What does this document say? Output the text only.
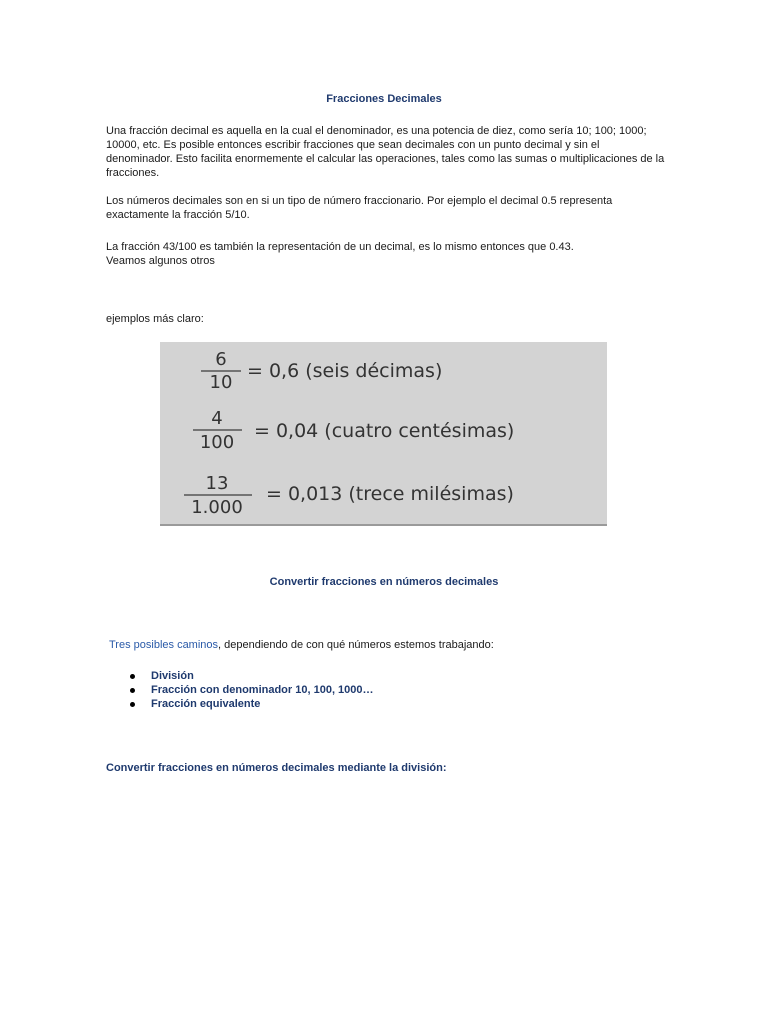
Fracciones Decimales
Una fracción decimal es aquella en la cual el denominador, es una potencia de diez, como sería 10; 100; 1000; 10000, etc. Es posible entonces escribir fracciones que sean decimales con un punto decimal y sin el denominador. Esto facilita enormemente el calcular las operaciones, tales como las sumas o multiplicaciones de la fracciones.
Los números decimales son en si un tipo de número fraccionario. Por ejemplo el decimal 0.5 representa exactamente la fracción 5/10.
La fracción 43/100 es también la representación de un decimal, es lo mismo entonces que 0.43. Veamos algunos otros
ejemplos más claro:
6
10
= 0,6 (seis décimas)
4
100
= 0,04 (cuatro centésimas)
13
1.000
= 0,013 (trece milésimas)
Convertir fracciones en números decimales
Tres posibles caminos, dependiendo de con qué números estemos trabajando:
División
Fracción con denominador 10, 100, 1000…
Fracción equivalente
Convertir fracciones en números decimales mediante la división:
